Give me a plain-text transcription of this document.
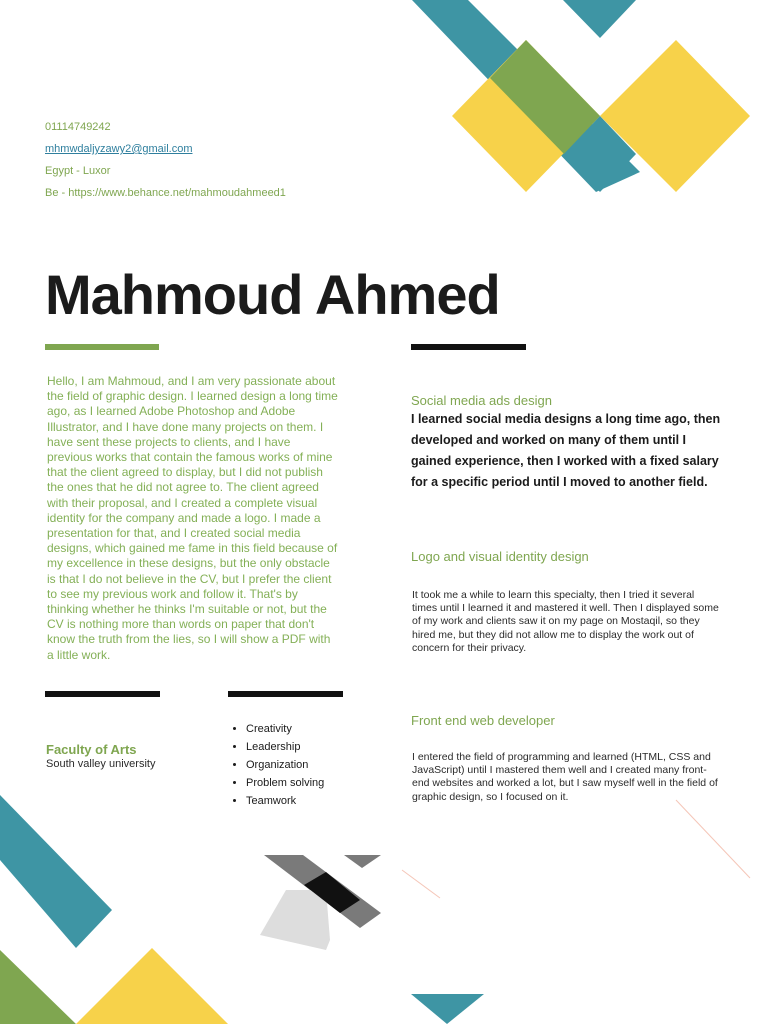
01114749242
mhmwdaljyzawy2@gmail.com
Egypt - Luxor
Be - https://www.behance.net/mahmoudahmeed1
Mahmoud Ahmed
Hello, I am Mahmoud, and I am very passionate about the field of graphic design. I learned design a long time ago, as I learned Adobe Photoshop and Adobe Illustrator, and I have done many projects on them. I have sent these projects to clients, and I have previous works that contain the famous works of mine that the client agreed to display, but I did not publish the ones that he did not agree to. The client agreed with their proposal, and I created a complete visual identity for the company and made a logo. I made a presentation for that, and I created social media designs, which gained me fame in this field because of my excellence in these designs, but the only obstacle is that I do not believe in the CV, but I prefer the client to see my previous work and follow it. That's by thinking whether he thinks I'm suitable or not, but the CV is nothing more than words on paper that don't know the truth from the lies, so I will show a PDF with a little work.
Social media ads design
I learned social media designs a long time ago, then developed and worked on many of them until I gained experience, then I worked with a fixed salary for a specific period until I moved to another field.
Logo and visual identity design
It took me a while to learn this specialty, then I tried it several times until I learned it and mastered it well. Then I displayed some of my work and clients saw it on my page on Mostaqil, so they hired me, but they did not allow me to display the work out of concern for their privacy.
Front end web developer
I entered the field of programming and learned (HTML, CSS and JavaScript) until I mastered them well and I created many front-end websites and worked a lot, but I saw myself well in the field of graphic design, so I focused on it.
Faculty of Arts
South valley university
• Creativity
• Leadership
• Organization
• Problem solving
• Teamwork
